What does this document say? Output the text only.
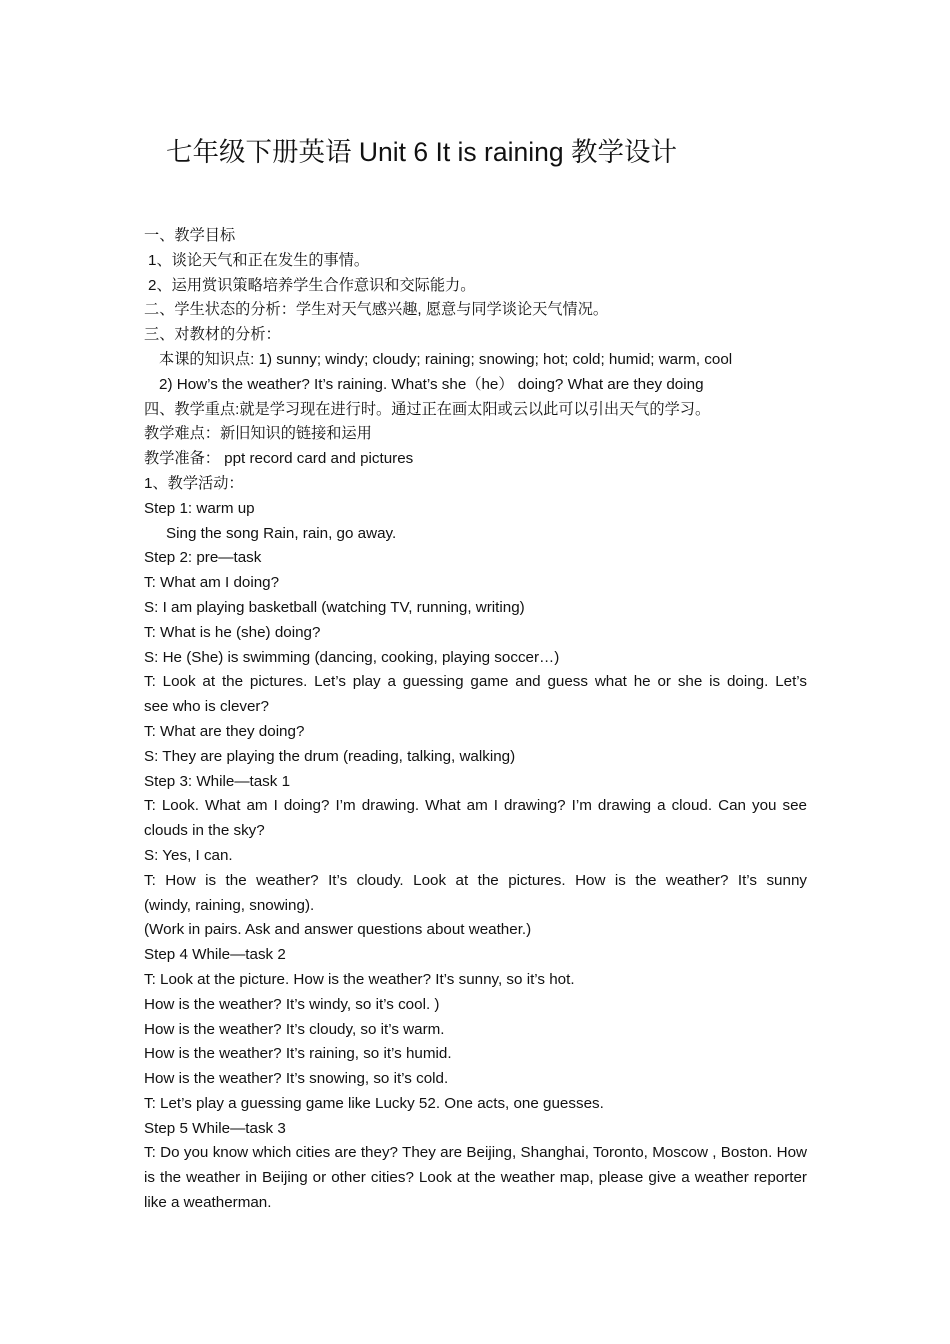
七年级下册英语 Unit 6 It is raining 教学设计
一、教学目标
1、谈论天气和正在发生的事情。
2、运用赏识策略培养学生合作意识和交际能力。
二、学生状态的分析：学生对天气感兴趣, 愿意与同学谈论天气情况。
三、对教材的分析：
本课的知识点: 1) sunny; windy; cloudy; raining; snowing; hot; cold; humid; warm, cool
2) How’s the weather? It’s raining. What’s she（he） doing? What are they doing
四、教学重点:就是学习现在进行时。通过正在画太阳或云以此可以引出天气的学习。
教学难点：新旧知识的链接和运用
教学准备： ppt record card and pictures
1、教学活动：
Step 1: warm up
Sing the song Rain, rain, go away.
Step 2: pre—task
T: What am I doing?
S: I am playing basketball (watching TV, running, writing)
T: What is he (she) doing?
S: He (She) is swimming (dancing, cooking, playing soccer…)
T: Look at the pictures. Let’s play a guessing game and guess what he or she is doing. Let’s
see who is clever?
T: What are they doing?
S: They are playing the drum (reading, talking, walking)
Step 3: While—task 1
T: Look. What am I doing? I’m drawing. What am I drawing? I’m drawing a cloud. Can you see
clouds in the sky?
S: Yes, I can.
T: How is the weather? It’s cloudy. Look at the pictures. How is the weather? It’s sunny
(windy, raining, snowing).
(Work in pairs. Ask and answer questions about weather.)
Step 4 While—task 2
T: Look at the picture. How is the weather? It’s sunny, so it’s hot.
How is the weather? It’s windy, so it’s cool. )
How is the weather? It’s cloudy, so it’s warm.
How is the weather? It’s raining, so it’s humid.
How is the weather? It’s snowing, so it’s cold.
T: Let’s play a guessing game like Lucky 52. One acts, one guesses.
Step 5 While—task 3
T: Do you know which cities are they? They are Beijing, Shanghai, Toronto, Moscow , Boston. How
is the weather in Beijing or other cities? Look at the weather map, please give a weather reporter
like a weatherman.
